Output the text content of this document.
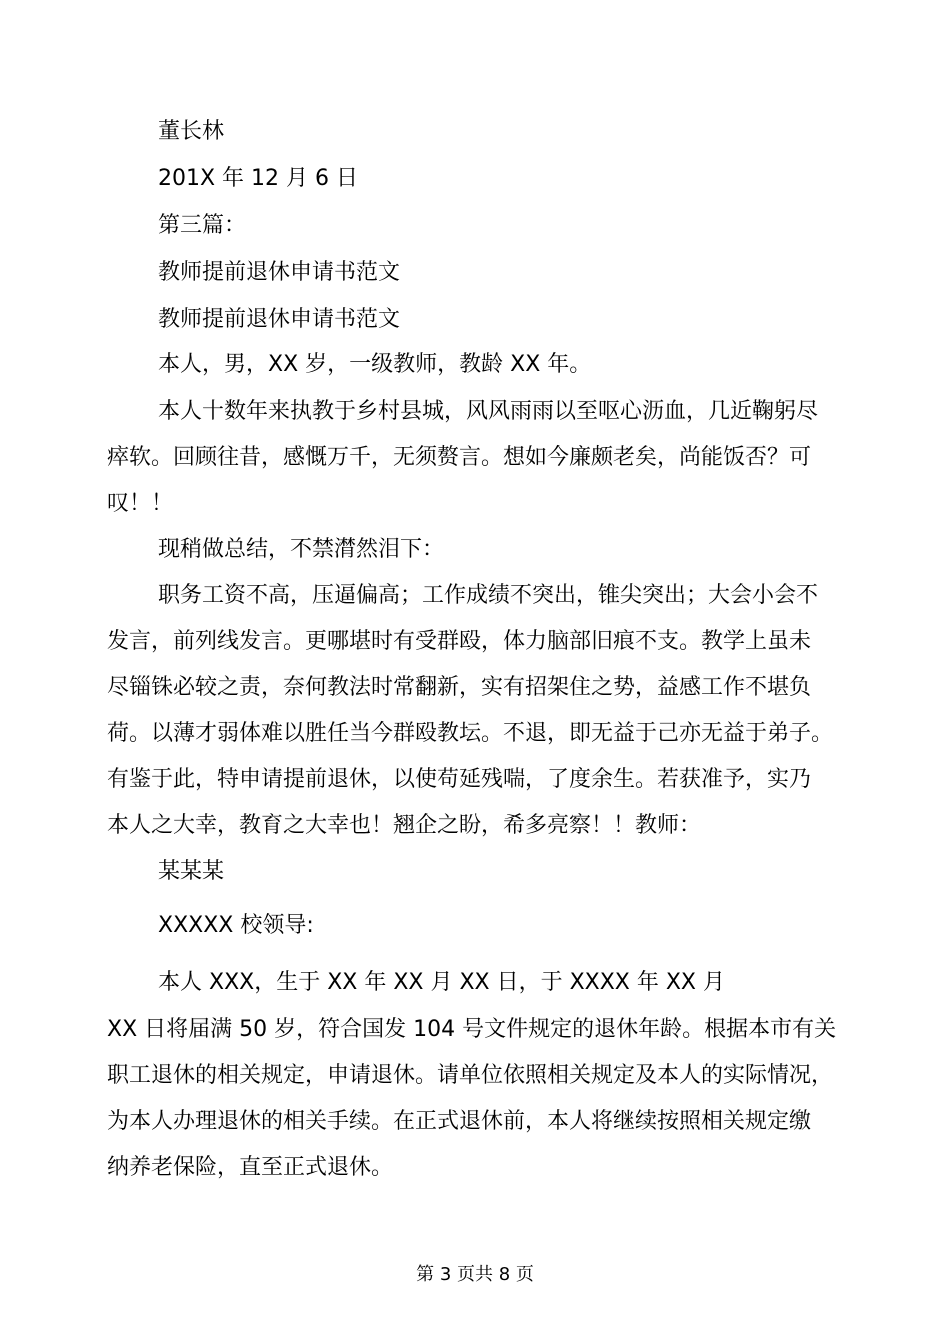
董长林

201X 年 12 月 6 日

第三篇：

教师提前退休申请书范文

教师提前退休申请书范文

本人，男，XX 岁，一级教师，教龄 XX 年。

本人十数年来执教于乡村县城，风风雨雨以至呕心沥血，几近鞠躬尽

瘁软。回顾往昔，感慨万千，无须赘言。想如今廉颇老矣，尚能饭否？可

叹！！

现稍做总结，不禁潸然泪下：

职务工资不高，压逼偏高；工作成绩不突出，锥尖突出；大会小会不

发言，前列线发言。更哪堪时有受群殴，体力脑部旧痕不支。教学上虽未

尽锱铢必较之责，奈何教法时常翻新，实有招架住之势，益感工作不堪负

荷。以薄才弱体难以胜任当今群殴教坛。不退，即无益于己亦无益于弟子。

有鉴于此，特申请提前退休，以使苟延残喘，了度余生。若获准予，实乃

本人之大幸，教育之大幸也！翘企之盼，希多亮察！！教师：

某某某

XXXXX 校领导:

本人 XXX，生于 XX 年 XX 月 XX 日，于 XXXX 年 XX 月

XX 日将届满 50 岁，符合国发 104 号文件规定的退休年龄。根据本市有关

职工退休的相关规定，申请退休。请单位依照相关规定及本人的实际情况，

为本人办理退休的相关手续。在正式退休前，本人将继续按照相关规定缴

纳养老保险，直至正式退休。

第 3 页共 8 页
